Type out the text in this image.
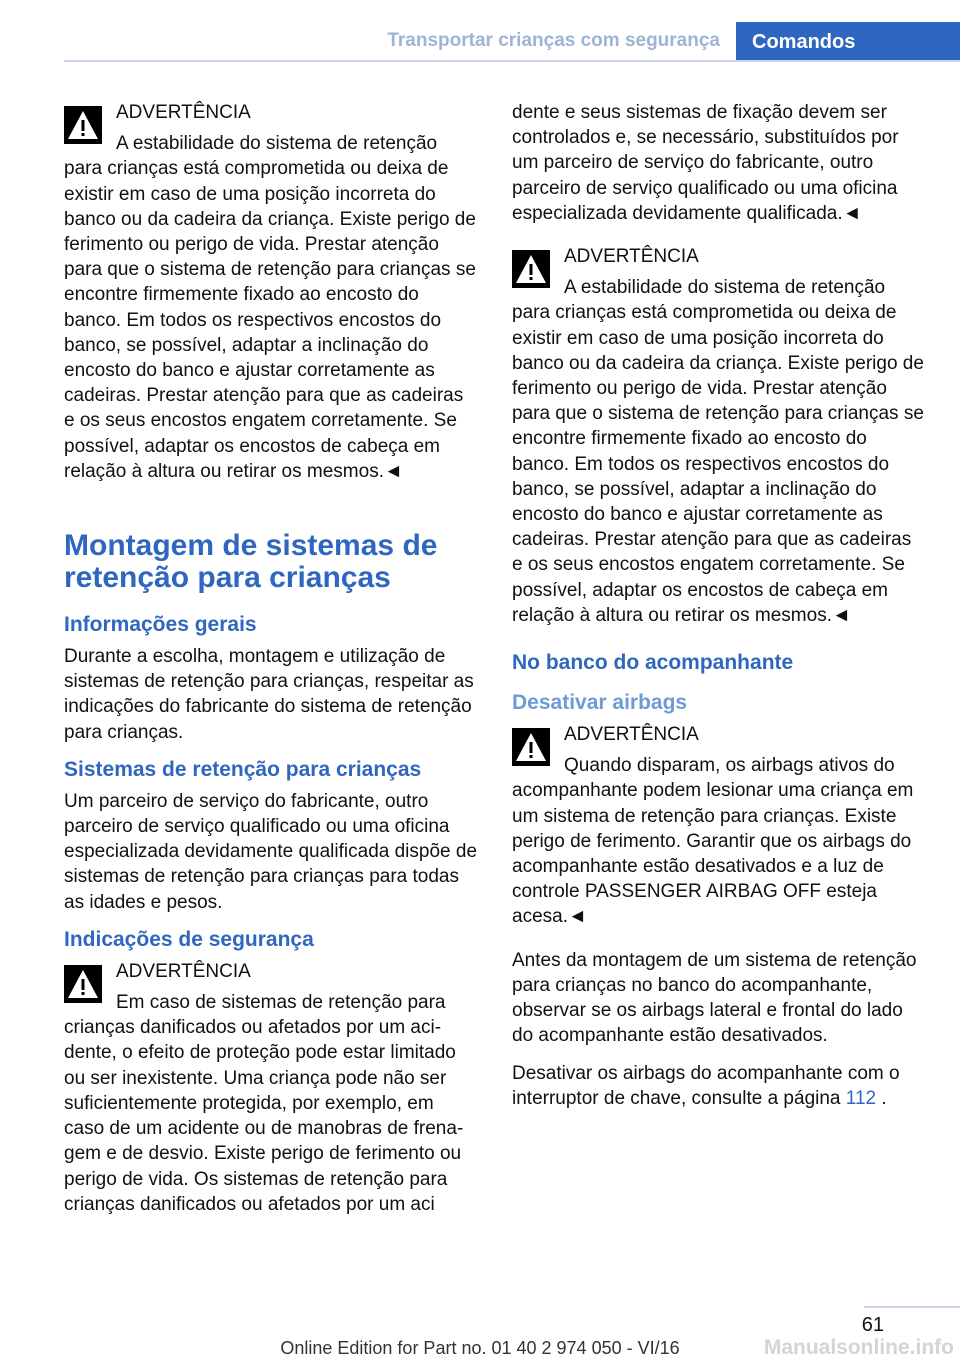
Transportar crianças com segurança	Comandos
ADVERTÊNCIA
A estabilidade do sistema de retenção para crianças está comprometida ou deixa de existir em caso de uma posição incorreta do banco ou da cadeira da criança. Existe perigo de ferimento ou perigo de vida. Prestar atenção para que o sistema de retenção para crianças se encontre firmemente fixado ao encosto do banco. Em todos os respectivos encostos do banco, se possível, adaptar a inclinação do encosto do banco e ajustar corretamente as cadeiras. Prestar atenção para que as cadeiras e os seus encostos engatem corretamente. Se possível, adaptar os encostos de cabeça em relação à altura ou retirar os mesmos.◄
Montagem de sistemas de retenção para crianças
Informações gerais

Durante a escolha, montagem e utilização de sistemas de retenção para crianças, respeitar as indicações do fabricante do sistema de retenção para crianças.

Sistemas de retenção para crianças

Um parceiro de serviço do fabricante, outro parceiro de serviço qualificado ou uma oficina especializada devidamente qualificada dispõe de sistemas de retenção para crianças para todas as idades e pesos.

Indicações de segurança
ADVERTÊNCIA
Em caso de sistemas de retenção para crianças danificados ou afetados por um acidente, o efeito de proteção pode estar limitado ou ser inexistente. Uma criança pode não ser suficientemente protegida, por exemplo, em caso de um acidente ou de manobras de frenagem e de desvio. Existe perigo de ferimento ou perigo de vida. Os sistemas de retenção para crianças danificados ou afetados por um aci

dente e seus sistemas de fixação devem ser controlados e, se necessário, substituídos por um parceiro de serviço do fabricante, outro parceiro de serviço qualificado ou uma oficina especializada devidamente qualificada.◄

ADVERTÊNCIA
A estabilidade do sistema de retenção para crianças está comprometida ou deixa de existir em caso de uma posição incorreta do banco ou da cadeira da criança. Existe perigo de ferimento ou perigo de vida. Prestar atenção para que o sistema de retenção para crianças se encontre firmemente fixado ao encosto do banco. Em todos os respectivos encostos do banco, se possível, adaptar a inclinação do encosto do banco e ajustar corretamente as cadeiras. Prestar atenção para que as cadeiras e os seus encostos engatem corretamente. Se possível, adaptar os encostos de cabeça em relação à altura ou retirar os mesmos.◄
No banco do acompanhante
Desativar airbags
ADVERTÊNCIA
Quando disparam, os airbags ativos do acompanhante podem lesionar uma criança em um sistema de retenção para crianças. Existe perigo de ferimento. Garantir que os airbags do acompanhante estão desativados e a luz de controle PASSENGER AIRBAG OFF esteja acesa.◄

Antes da montagem de um sistema de retenção para crianças no banco do acompanhante, observar se os airbags lateral e frontal do lado do acompanhante estão desativados.

Desativar os airbags do acompanhante com o interruptor de chave, consulte a página 112 .

61
Online Edition for Part no. 01 40 2 974 050 - VI/16	Manualsonline.info
